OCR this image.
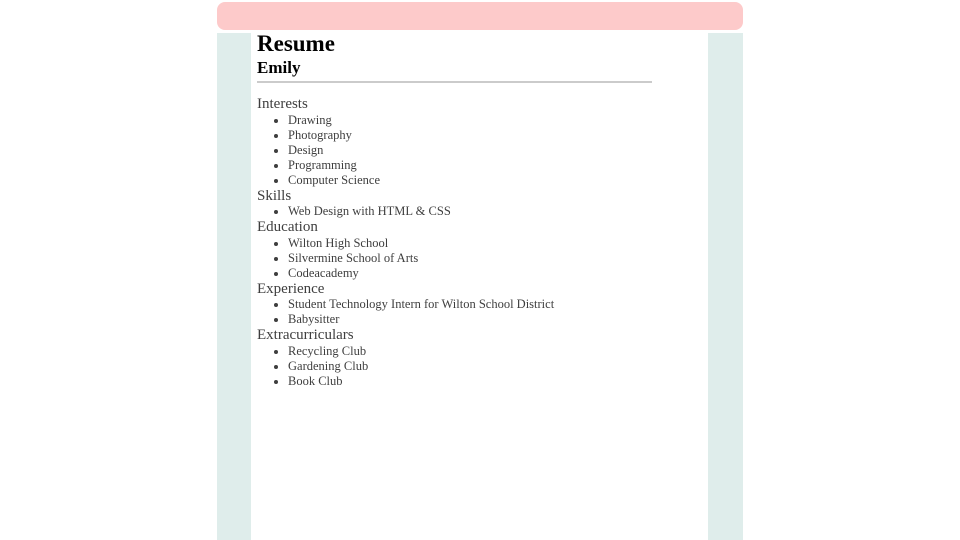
Resume
Emily
Interests
• Drawing
• Photography
• Design
• Programming
• Computer Science
Skills
• Web Design with HTML & CSS
Education
• Wilton High School
• Silvermine School of Arts
• Codeacademy
Experience
• Student Technology Intern for Wilton School District
• Babysitter
Extracurriculars
• Recycling Club
• Gardening Club
• Book Club
